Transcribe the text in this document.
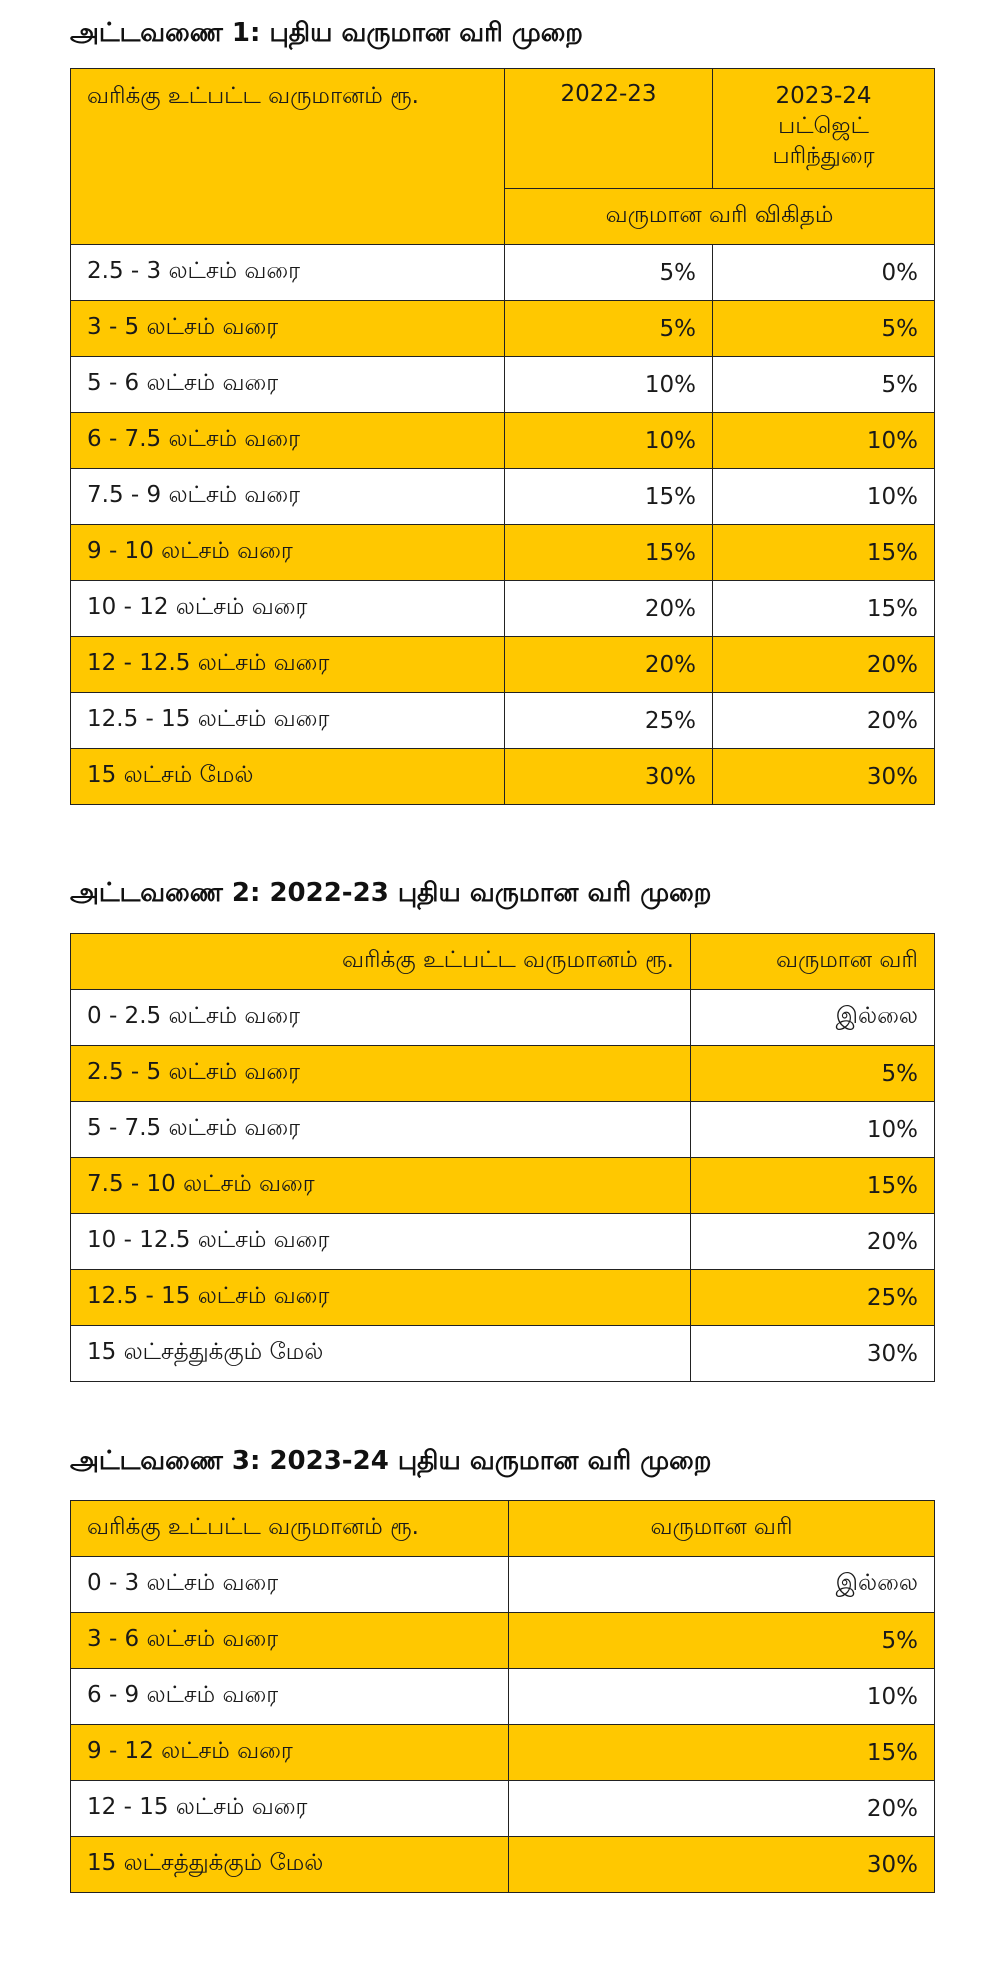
அட்டவணை 1: புதிய வருமான வரி முறை
வரிக்கு உட்பட்ட வருமானம் ரூ.	2022-23	2023-24
பட்ஜெட்
பரிந்துரை

	வருமான வரி விகிதம்	
2.5 - 3 லட்சம் வரை	5%	0%
3 - 5 லட்சம் வரை	5%	5%
5 - 6 லட்சம் வரை	10%	5%
6 - 7.5 லட்சம் வரை	10%	10%
7.5 - 9 லட்சம் வரை	15%	10%
9 - 10 லட்சம் வரை	15%	15%
10 - 12 லட்சம் வரை	20%	15%
12 - 12.5 லட்சம் வரை	20%	20%
12.5 - 15 லட்சம் வரை	25%	20%
15 லட்சம் மேல்	30%	30%
அட்டவணை 2: 2022-23 புதிய வருமான வரி முறை
வரிக்கு உட்பட்ட வருமானம் ரூ.	வருமான வரி
0 - 2.5 லட்சம் வரை	இல்லை
2.5 - 5 லட்சம் வரை	5%
5 - 7.5 லட்சம் வரை	10%
7.5 - 10 லட்சம் வரை	15%
10 - 12.5 லட்சம் வரை	20%
12.5 - 15 லட்சம் வரை	25%
15 லட்சத்துக்கும் மேல்	30%
அட்டவணை 3: 2023-24 புதிய வருமான வரி முறை
வரிக்கு உட்பட்ட வருமானம் ரூ.	வருமான வரி
0 - 3 லட்சம் வரை	இல்லை
3 - 6 லட்சம் வரை	5%
6 - 9 லட்சம் வரை	10%
9 - 12 லட்சம் வரை	15%
12 - 15 லட்சம் வரை	20%
15 லட்சத்துக்கும் மேல்	30%
